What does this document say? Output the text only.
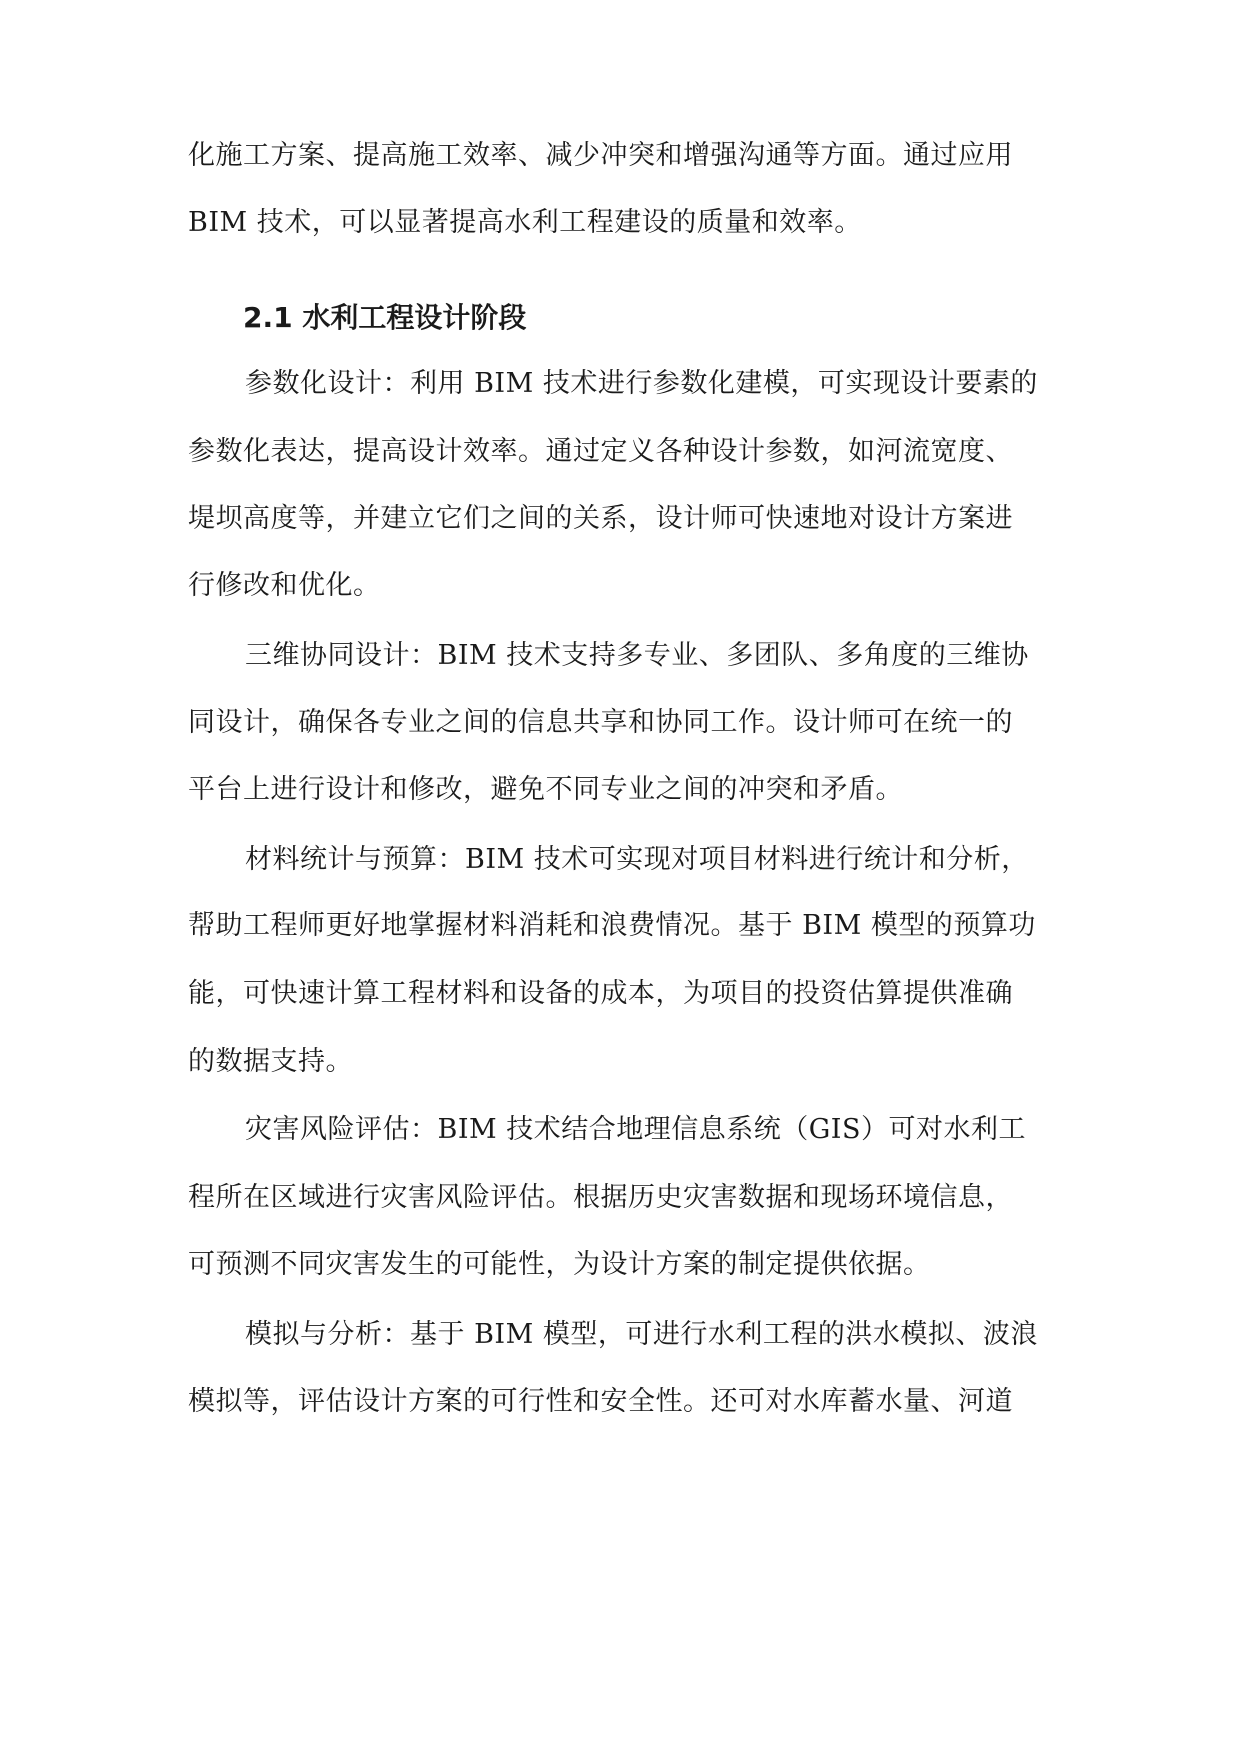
化施工方案、提高施工效率、减少冲突和增强沟通等方面。通过应用
BIM 技术，可以显著提高水利工程建设的质量和效率。
2.1 水利工程设计阶段
参数化设计：利用 BIM 技术进行参数化建模，可实现设计要素的
参数化表达，提高设计效率。通过定义各种设计参数，如河流宽度、
堤坝高度等，并建立它们之间的关系，设计师可快速地对设计方案进
行修改和优化。
三维协同设计：BIM 技术支持多专业、多团队、多角度的三维协
同设计，确保各专业之间的信息共享和协同工作。设计师可在统一的
平台上进行设计和修改，避免不同专业之间的冲突和矛盾。
材料统计与预算：BIM 技术可实现对项目材料进行统计和分析，
帮助工程师更好地掌握材料消耗和浪费情况。基于 BIM 模型的预算功
能，可快速计算工程材料和设备的成本，为项目的投资估算提供准确
的数据支持。
灾害风险评估：BIM 技术结合地理信息系统（GIS）可对水利工
程所在区域进行灾害风险评估。根据历史灾害数据和现场环境信息，
可预测不同灾害发生的可能性，为设计方案的制定提供依据。
模拟与分析：基于 BIM 模型，可进行水利工程的洪水模拟、波浪
模拟等，评估设计方案的可行性和安全性。还可对水库蓄水量、河道
